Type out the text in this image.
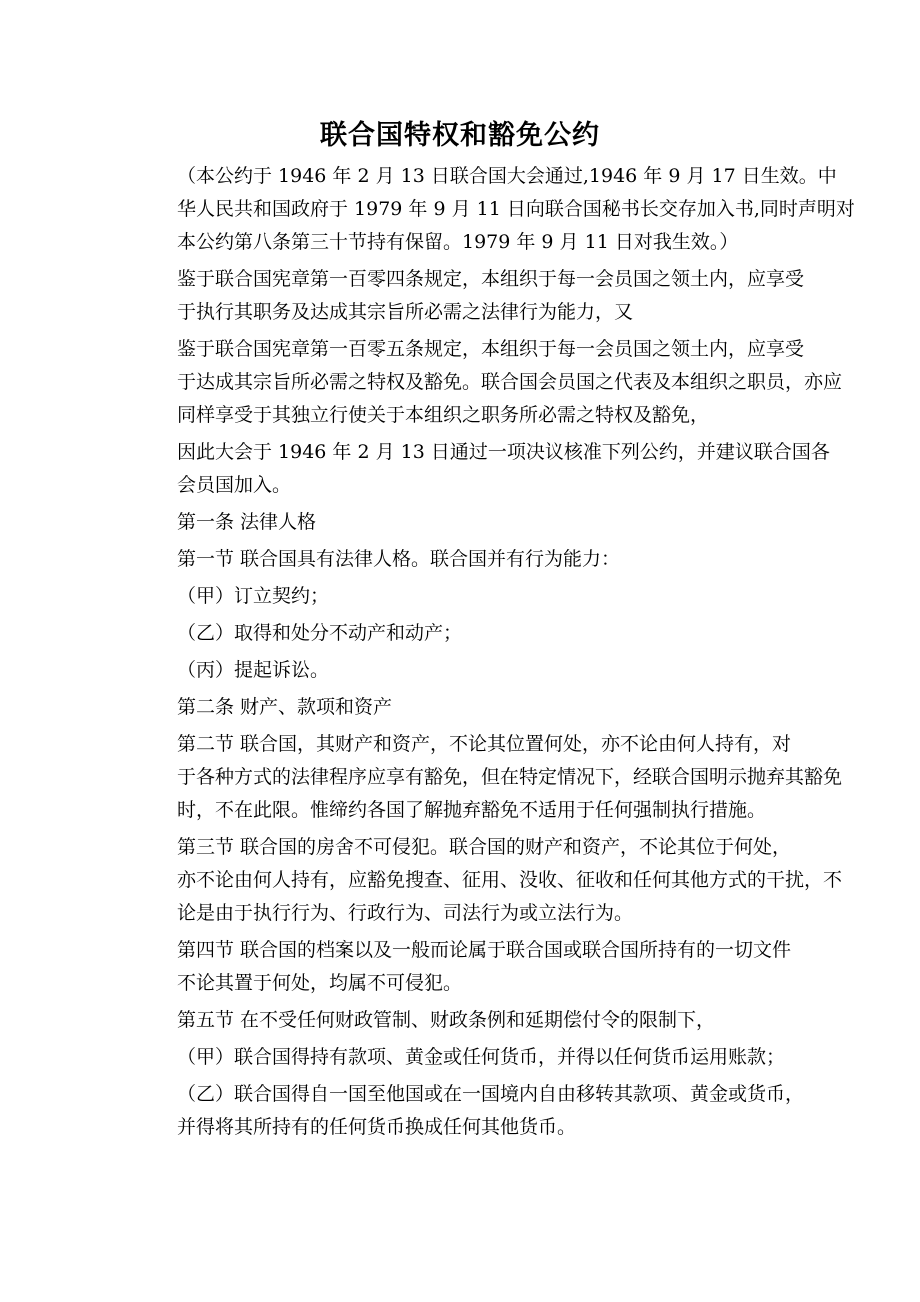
联合国特权和豁免公约

（本公约于 1946 年 2 月 13 日联合国大会通过,1946 年 9 月 17 日生效。中
华人民共和国政府于 1979 年 9 月 11 日向联合国秘书长交存加入书,同时声明对
本公约第八条第三十节持有保留。1979 年 9 月 11 日对我生效。）

鉴于联合国宪章第一百零四条规定，本组织于每一会员国之领土内，应享受
于执行其职务及达成其宗旨所必需之法律行为能力，又

鉴于联合国宪章第一百零五条规定，本组织于每一会员国之领土内，应享受
于达成其宗旨所必需之特权及豁免。联合国会员国之代表及本组织之职员，亦应
同样享受于其独立行使关于本组织之职务所必需之特权及豁免，

因此大会于 1946 年 2 月 13 日通过一项决议核准下列公约，并建议联合国各
会员国加入。

第一条 法律人格

第一节 联合国具有法律人格。联合国并有行为能力：

（甲）订立契约；

（乙）取得和处分不动产和动产；

（丙）提起诉讼。

第二条 财产、款项和资产

第二节 联合国，其财产和资产，不论其位置何处，亦不论由何人持有，对
于各种方式的法律程序应享有豁免，但在特定情况下，经联合国明示抛弃其豁免
时，不在此限。惟缔约各国了解抛弃豁免不适用于任何强制执行措施。

第三节 联合国的房舍不可侵犯。联合国的财产和资产，不论其位于何处，
亦不论由何人持有，应豁免搜查、征用、没收、征收和任何其他方式的干扰，不
论是由于执行行为、行政行为、司法行为或立法行为。

第四节 联合国的档案以及一般而论属于联合国或联合国所持有的一切文件
不论其置于何处，均属不可侵犯。

第五节 在不受任何财政管制、财政条例和延期偿付令的限制下，

（甲）联合国得持有款项、黄金或任何货币，并得以任何货币运用账款；

（乙）联合国得自一国至他国或在一国境内自由移转其款项、黄金或货币，
并得将其所持有的任何货币换成任何其他货币。
